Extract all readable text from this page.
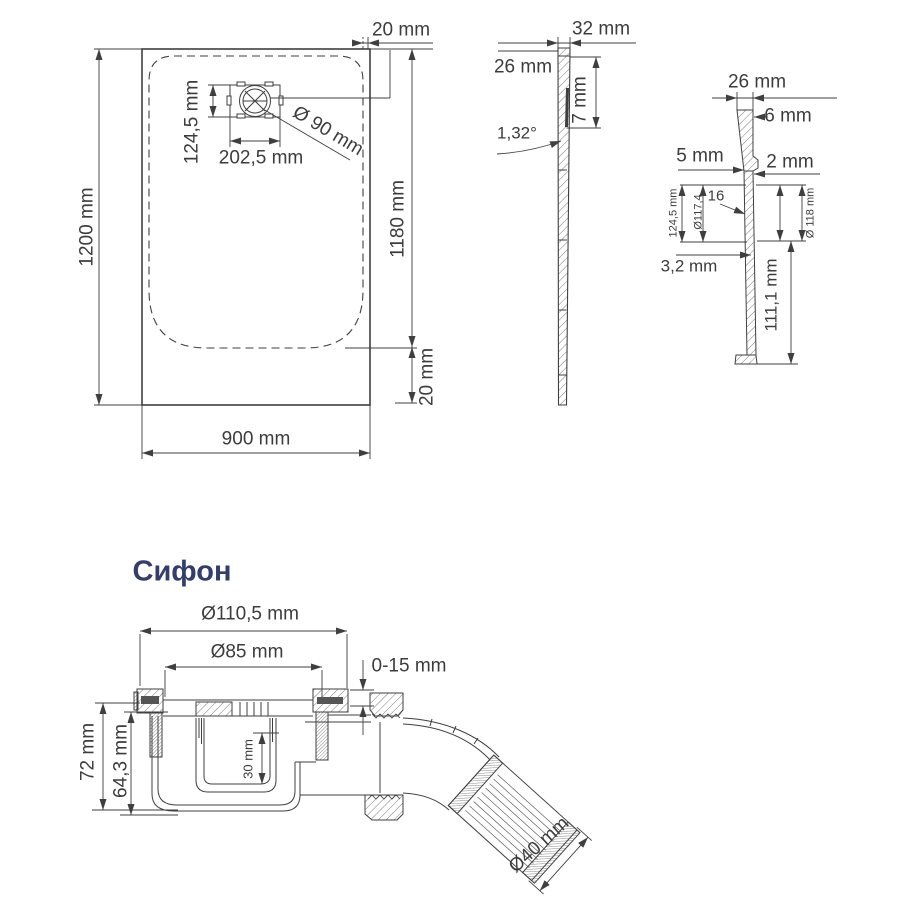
20 mm
124,5 mm 202,5 mm
Ø 90 mm
1200 mm	1180 mm
20 mm
900 mm
32 mm
26 mm
7 mm
1,32°
26 mm
6 mm
5 mm 2 mm
124,5 mm Ø117,4 16	Ø 118 mm
3,2 mm	111,1 mm
Сифон
Ø110,5 mm
Ø85 mm
0-15 mm
72 mm 64,3 mm	30 mm
Ø40 mm
